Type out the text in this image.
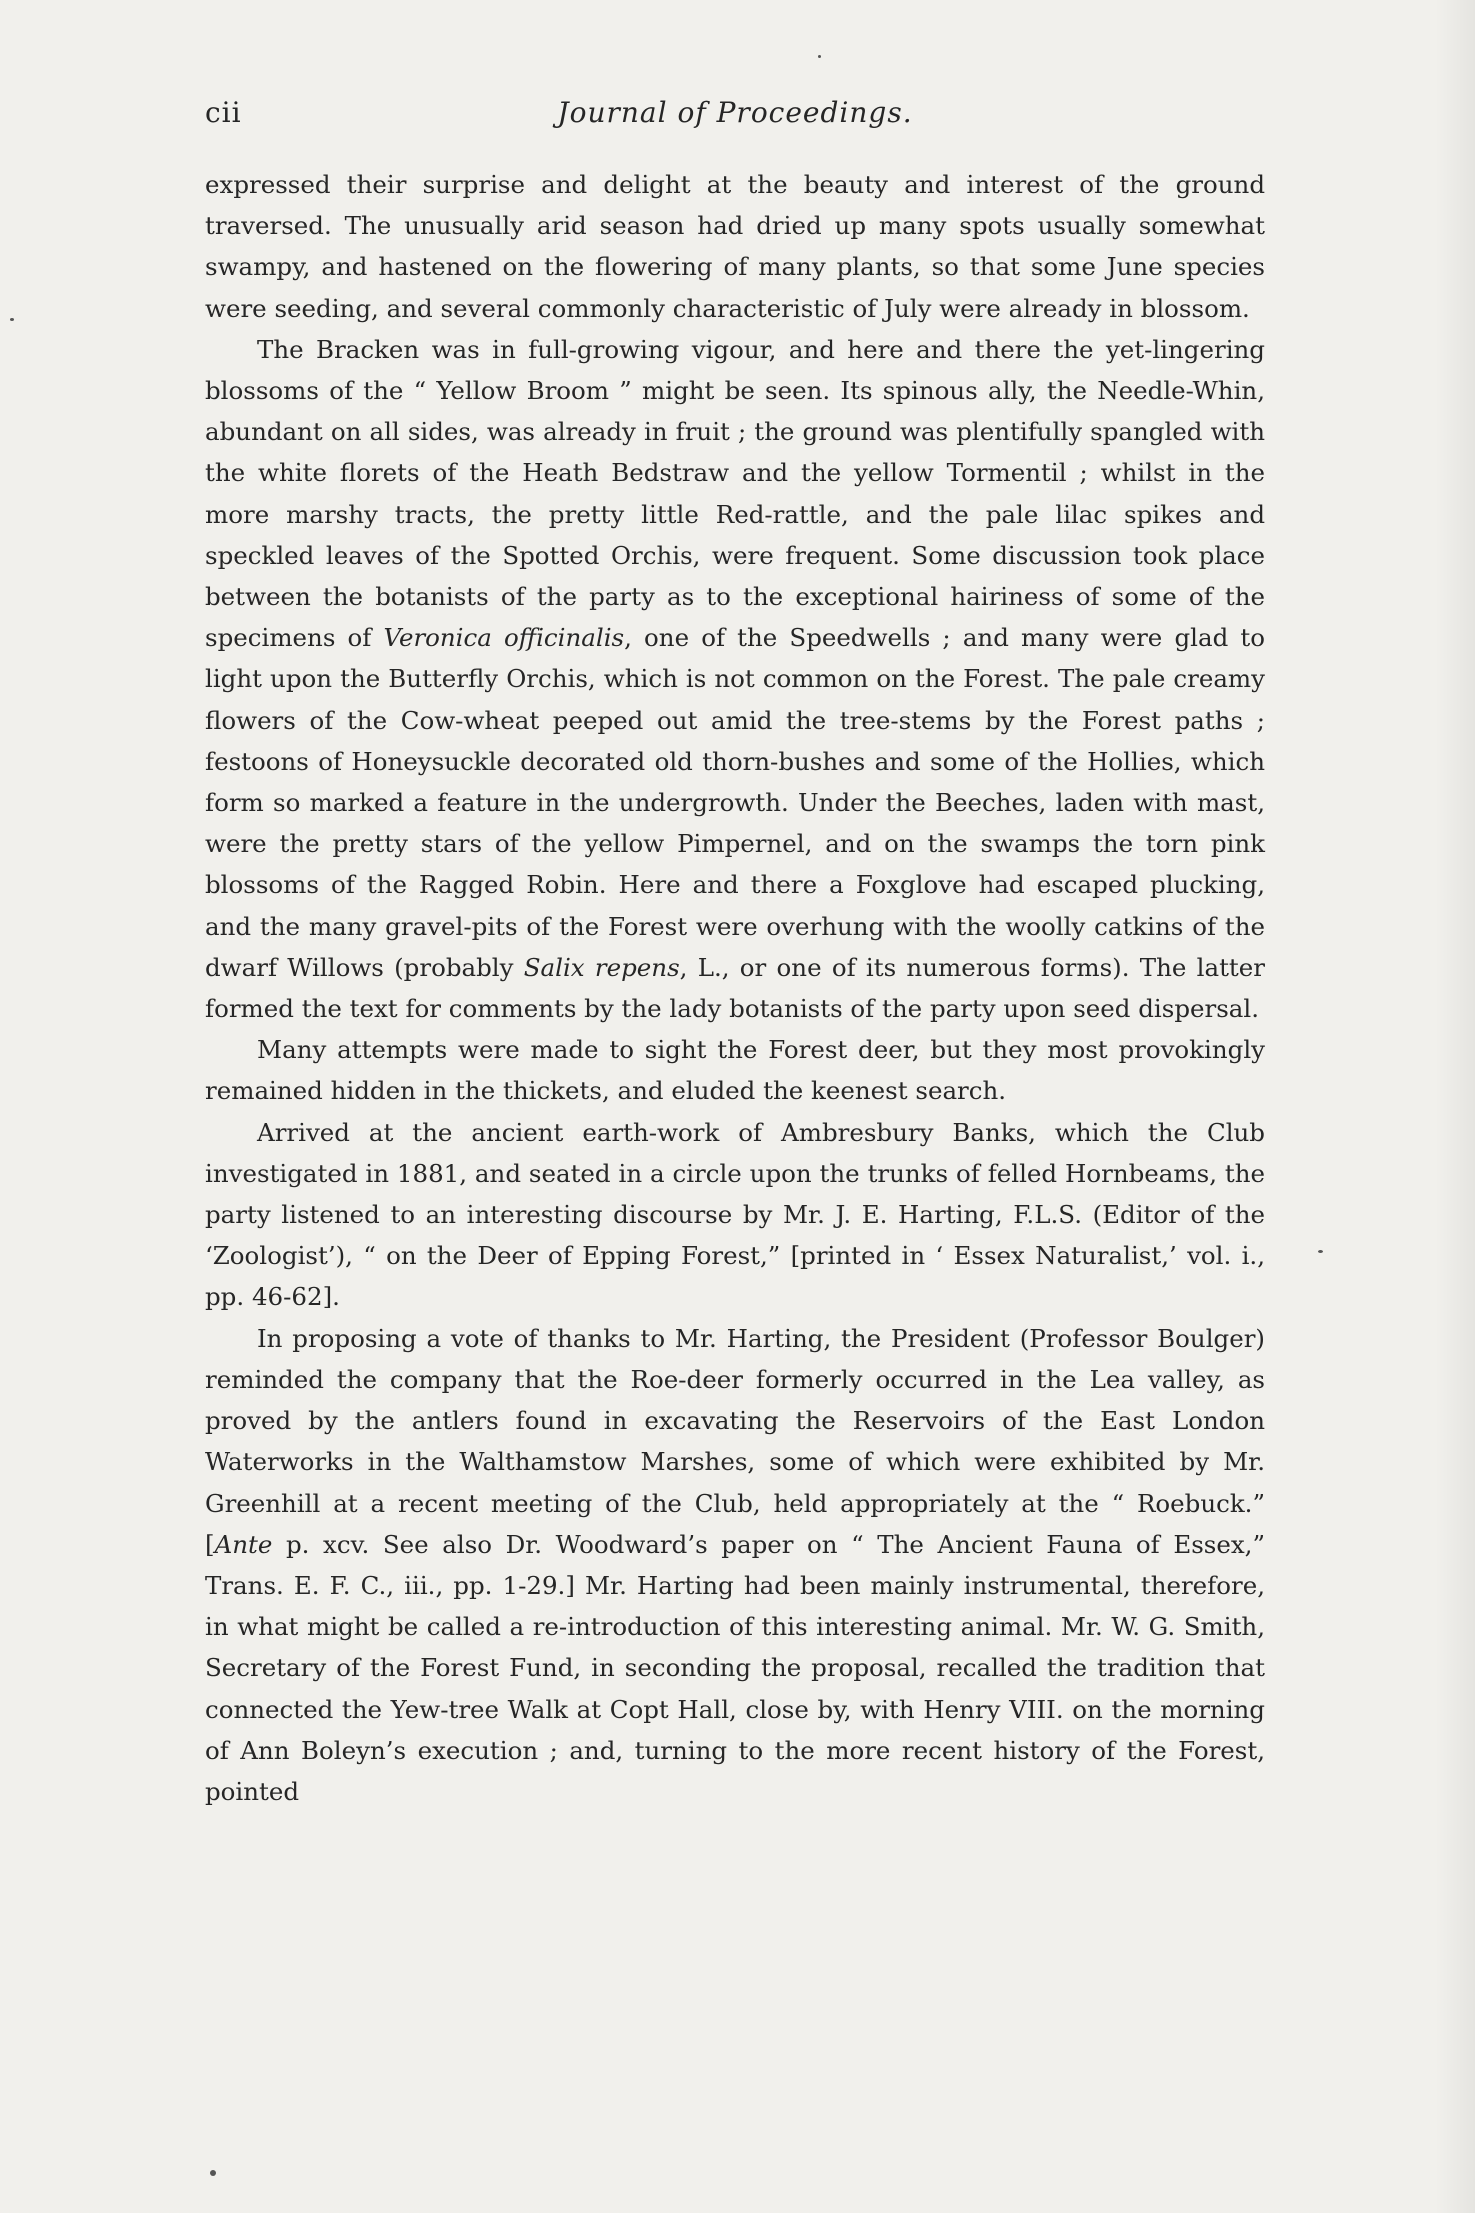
cii	Journal of Proceedings.

expressed their surprise and delight at the beauty and interest of the ground traversed. The unusually arid season had dried up many spots usually somewhat swampy, and hastened on the flowering of many plants, so that some June species were seeding, and several commonly characteristic of July were already in blossom.

The Bracken was in full-growing vigour, and here and there the yet-lingering blossoms of the “ Yellow Broom ” might be seen. Its spinous ally, the Needle-Whin, abundant on all sides, was already in fruit ; the ground was plentifully spangled with the white florets of the Heath Bedstraw and the yellow Tormentil ; whilst in the more marshy tracts, the pretty little Red-rattle, and the pale lilac spikes and speckled leaves of the Spotted Orchis, were frequent. Some discussion took place between the botanists of the party as to the exceptional hairiness of some of the specimens of Veronica officinalis, one of the Speedwells ; and many were glad to light upon the Butterfly Orchis, which is not common on the Forest. The pale creamy flowers of the Cow-wheat peeped out amid the tree-stems by the Forest paths ; festoons of Honeysuckle decorated old thorn-bushes and some of the Hollies, which form so marked a feature in the undergrowth. Under the Beeches, laden with mast, were the pretty stars of the yellow Pimpernel, and on the swamps the torn pink blossoms of the Ragged Robin. Here and there a Foxglove had escaped plucking, and the many gravel-pits of the Forest were overhung with the woolly catkins of the dwarf Willows (probably Salix repens, L., or one of its numerous forms). The latter formed the text for comments by the lady botanists of the party upon seed dispersal.

Many attempts were made to sight the Forest deer, but they most provokingly remained hidden in the thickets, and eluded the keenest search.

Arrived at the ancient earth-work of Ambresbury Banks, which the Club investigated in 1881, and seated in a circle upon the trunks of felled Hornbeams, the party listened to an interesting discourse by Mr. J. E. Harting, F.L.S. (Editor of the ‘Zoologist’), “ on the Deer of Epping Forest,” [printed in ‘ Essex Naturalist,’ vol. i., pp. 46-62].

In proposing a vote of thanks to Mr. Harting, the President (Professor Boulger) reminded the company that the Roe-deer formerly occurred in the Lea valley, as proved by the antlers found in excavating the Reservoirs of the East London Waterworks in the Walthamstow Marshes, some of which were exhibited by Mr. Greenhill at a recent meeting of the Club, held appropriately at the “ Roebuck.” [Ante p. xcv. See also Dr. Woodward’s paper on “ The Ancient Fauna of Essex,” Trans. E. F. C., iii., pp. 1-29.] Mr. Harting had been mainly instrumental, therefore, in what might be called a re-introduction of this interesting animal. Mr. W. G. Smith, Secretary of the Forest Fund, in seconding the proposal, recalled the tradition that connected the Yew-tree Walk at Copt Hall, close by, with Henry VIII. on the morning of Ann Boleyn’s execution ; and, turning to the more recent history of the Forest, pointed
